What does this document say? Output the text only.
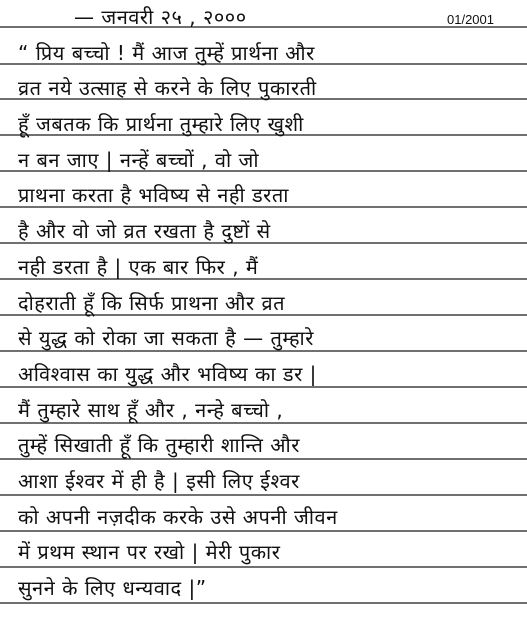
— जनवरी २५ , २०००	01/2001
“ प्रिय बच्चो ! मैं आज तुम्हें प्रार्थना और
व्रत नये उत्साह से करने के लिए पुकारती
हूँ जबतक कि प्रार्थना तुम्हारे लिए खुशी
न बन जाए | नन्हें बच्चों , वो जो
प्राथना करता है भविष्य से नही डरता
है और वो जो व्रत रखता है दुष्टों से
नही डरता है | एक बार फिर , मैं
दोहराती हूँ कि सिर्फ प्राथना और व्रत
से युद्ध को रोका जा सकता है — तुम्हारे
अविश्वास का युद्ध और भविष्य का डर |
मैं तुम्हारे साथ हूँ और , नन्हे बच्चो ,
तुम्हें सिखाती हूँ कि तुम्हारी शान्ति और
आशा ईश्वर में ही है | इसी लिए ईश्वर
को अपनी नज़दीक करके उसे अपनी जीवन
में प्रथम स्थान पर रखो | मेरी पुकार
सुनने के लिए धन्यवाद |”
